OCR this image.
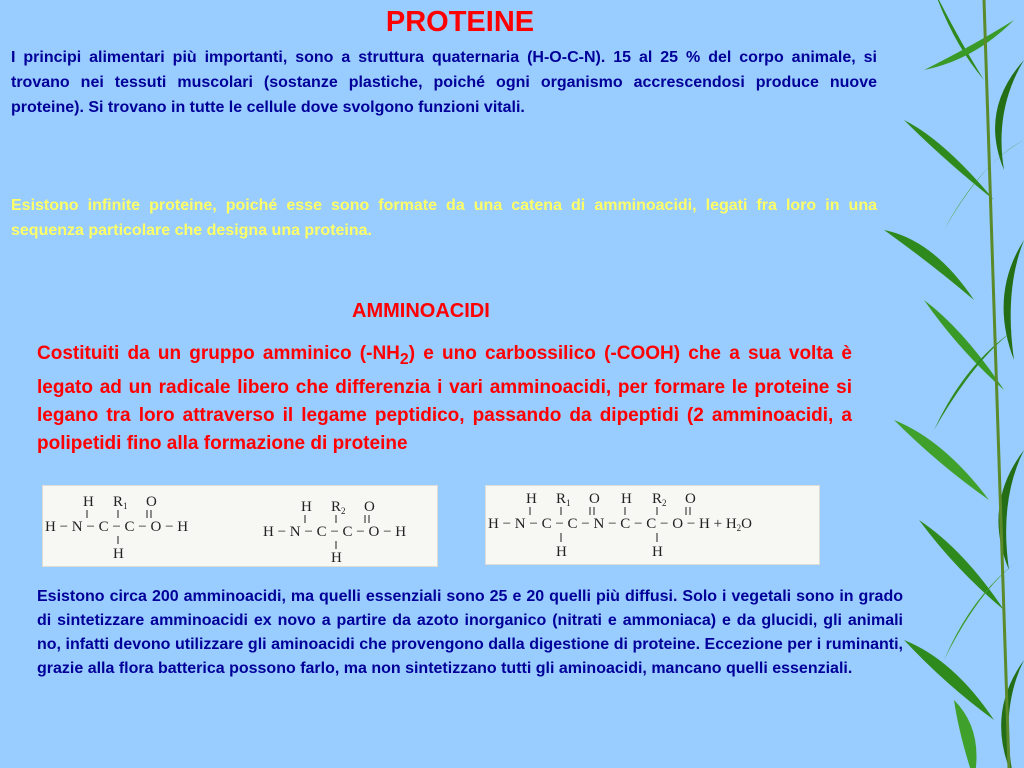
PROTEINE

I principi alimentari più importanti, sono a struttura quaternaria (H-O-C-N). 15 al 25 % del corpo animale, si trovano nei tessuti muscolari (sostanze plastiche, poiché ogni organismo accrescendosi produce nuove proteine). Si trovano in tutte le cellule dove svolgono funzioni vitali.

Esistono infinite proteine, poiché esse sono formate da una catena di amminoacidi, legati fra loro in una sequenza particolare che designa una proteina.

AMMINOACIDI

Costituiti da un gruppo amminico $(-NH_2)$ e uno carbossilico (-COOH) che a sua volta è legato ad un radicale libero che differenzia i vari amminoacidi, per formare le proteine si legano tra loro attraverso il legame peptidico, passando da dipeptidi (2 amminoacidi, a polipetidi fino alla formazione di proteine

H − N − C − C − O − H
H $R_1$ O
H
H − N − C − C − O − H
H $R_2$ O
H
$H - N - C - C - N - C - C - O - H + H_2O$
H $R_1$ O H $R_2$ O
H	H

Esistono circa 200 amminoacidi, ma quelli essenziali sono 25 e 20 quelli più diffusi. Solo i vegetali sono in grado di sintetizzare amminoacidi ex novo a partire da azoto inorganico (nitrati e ammoniaca) e da glucidi, gli animali no, infatti devono utilizzare gli aminoacidi che provengono dalla digestione di proteine. Eccezione per i ruminanti, grazie alla flora batterica possono farlo, ma non sintetizzano tutti gli aminoacidi, mancano quelli essenziali.
